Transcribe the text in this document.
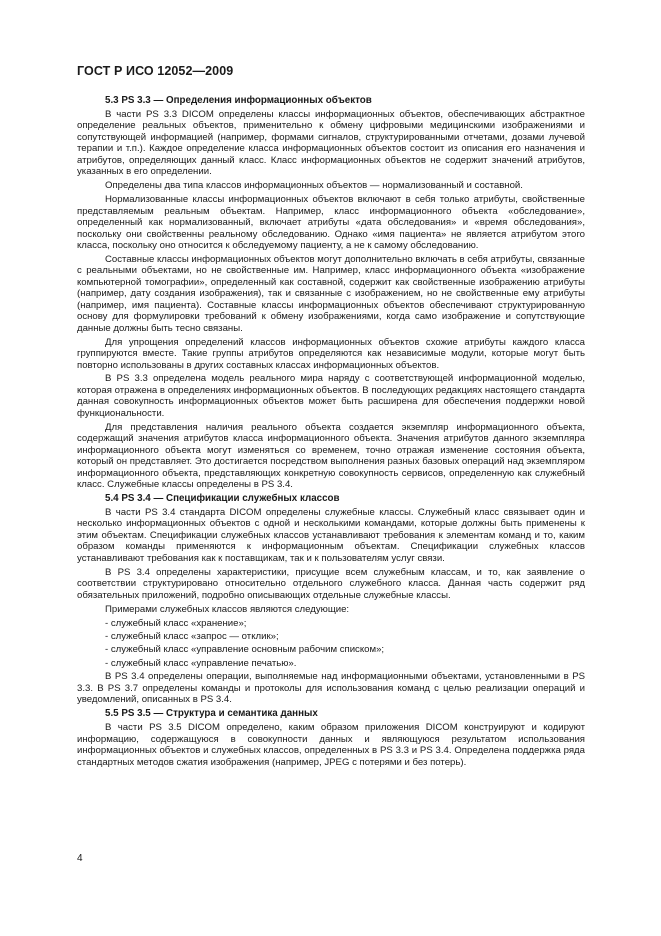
ГОСТ Р ИСО 12052—2009
5.3 PS 3.3 — Определения информационных объектов

В части PS 3.3 DICOM определены классы информационных объектов, обеспечивающих абстрактное определение реальных объектов, применительно к обмену цифровыми медицинскими изображениями и сопутствующей информацией (например, формами сигналов, структурированными отчетами, дозами лучевой терапии и т.п.). Каждое определение класса информационных объектов состоит из описания его назначения и атрибутов, определяющих данный класс. Класс информационных объектов не содержит значений атрибутов, указанных в его определении.

Определены два типа классов информационных объектов — нормализованный и составной.

Нормализованные классы информационных объектов включают в себя только атрибуты, свойственные представляемым реальным объектам. Например, класс информационного объекта «обследование», определенный как нормализованный, включает атрибуты «дата обследования» и «время обследования», поскольку они свойственны реальному обследованию. Однако «имя пациента» не является атрибутом этого класса, поскольку оно относится к обследуемому пациенту, а не к самому обследованию.

Составные классы информационных объектов могут дополнительно включать в себя атрибуты, связанные с реальными объектами, но не свойственные им. Например, класс информационного объекта «изображение компьютерной томографии», определенный как составной, содержит как свойственные изображению атрибуты (например, дату создания изображения), так и связанные с изображением, но не свойственные ему атрибуты (например, имя пациента). Составные классы информационных объектов обеспечивают структурированную основу для формулировки требований к обмену изображениями, когда само изображение и сопутствующие данные должны быть тесно связаны.

Для упрощения определений классов информационных объектов схожие атрибуты каждого класса группируются вместе. Такие группы атрибутов определяются как независимые модули, которые могут быть повторно использованы в других составных классах информационных объектов.

В PS 3.3 определена модель реального мира наряду с соответствующей информационной моделью, которая отражена в определениях информационных объектов. В последующих редакциях настоящего стандарта данная совокупность информационных объектов может быть расширена для обеспечения поддержки новой функциональности.

Для представления наличия реального объекта создается экземпляр информационного объекта, содержащий значения атрибутов класса информационного объекта. Значения атрибутов данного экземпляра информационного объекта могут изменяться со временем, точно отражая изменение состояния объекта, который он представляет. Это достигается посредством выполнения разных базовых операций над экземпляром информационного объекта, представляющих конкретную совокупность сервисов, определенную как служебный класс. Служебные классы определены в PS 3.4.

5.4 PS 3.4 — Спецификации служебных классов

В части PS 3.4 стандарта DICOM определены служебные классы. Служебный класс связывает один и несколько информационных объектов с одной и несколькими командами, которые должны быть применены к этим объектам. Спецификации служебных классов устанавливают требования к элементам команд и то, каким образом команды применяются к информационным объектам. Спецификации служебных классов устанавливают требования как к поставщикам, так и к пользователям услуг связи.

В PS 3.4 определены характеристики, присущие всем служебным классам, и то, как заявление о соответствии структурировано относительно отдельного служебного класса. Данная часть содержит ряд обязательных приложений, подробно описывающих отдельные служебные классы.

Примерами служебных классов являются следующие:

- служебный класс «хранение»;
- служебный класс «запрос — отклик»;
- служебный класс «управление основным рабочим списком»;
- служебный класс «управление печатью».

В PS 3.4 определены операции, выполняемые над информационными объектами, установленными в PS 3.3. В PS 3.7 определены команды и протоколы для использования команд с целью реализации операций и уведомлений, описанных в PS 3.4.

5.5 PS 3.5 — Структура и семантика данных

В части PS 3.5 DICOM определено, каким образом приложения DICOM конструируют и кодируют информацию, содержащуюся в совокупности данных и являющуюся результатом использования информационных объектов и служебных классов, определенных в PS 3.3 и PS 3.4. Определена поддержка ряда стандартных методов сжатия изображения (например, JPEG с потерями и без потерь).

4
